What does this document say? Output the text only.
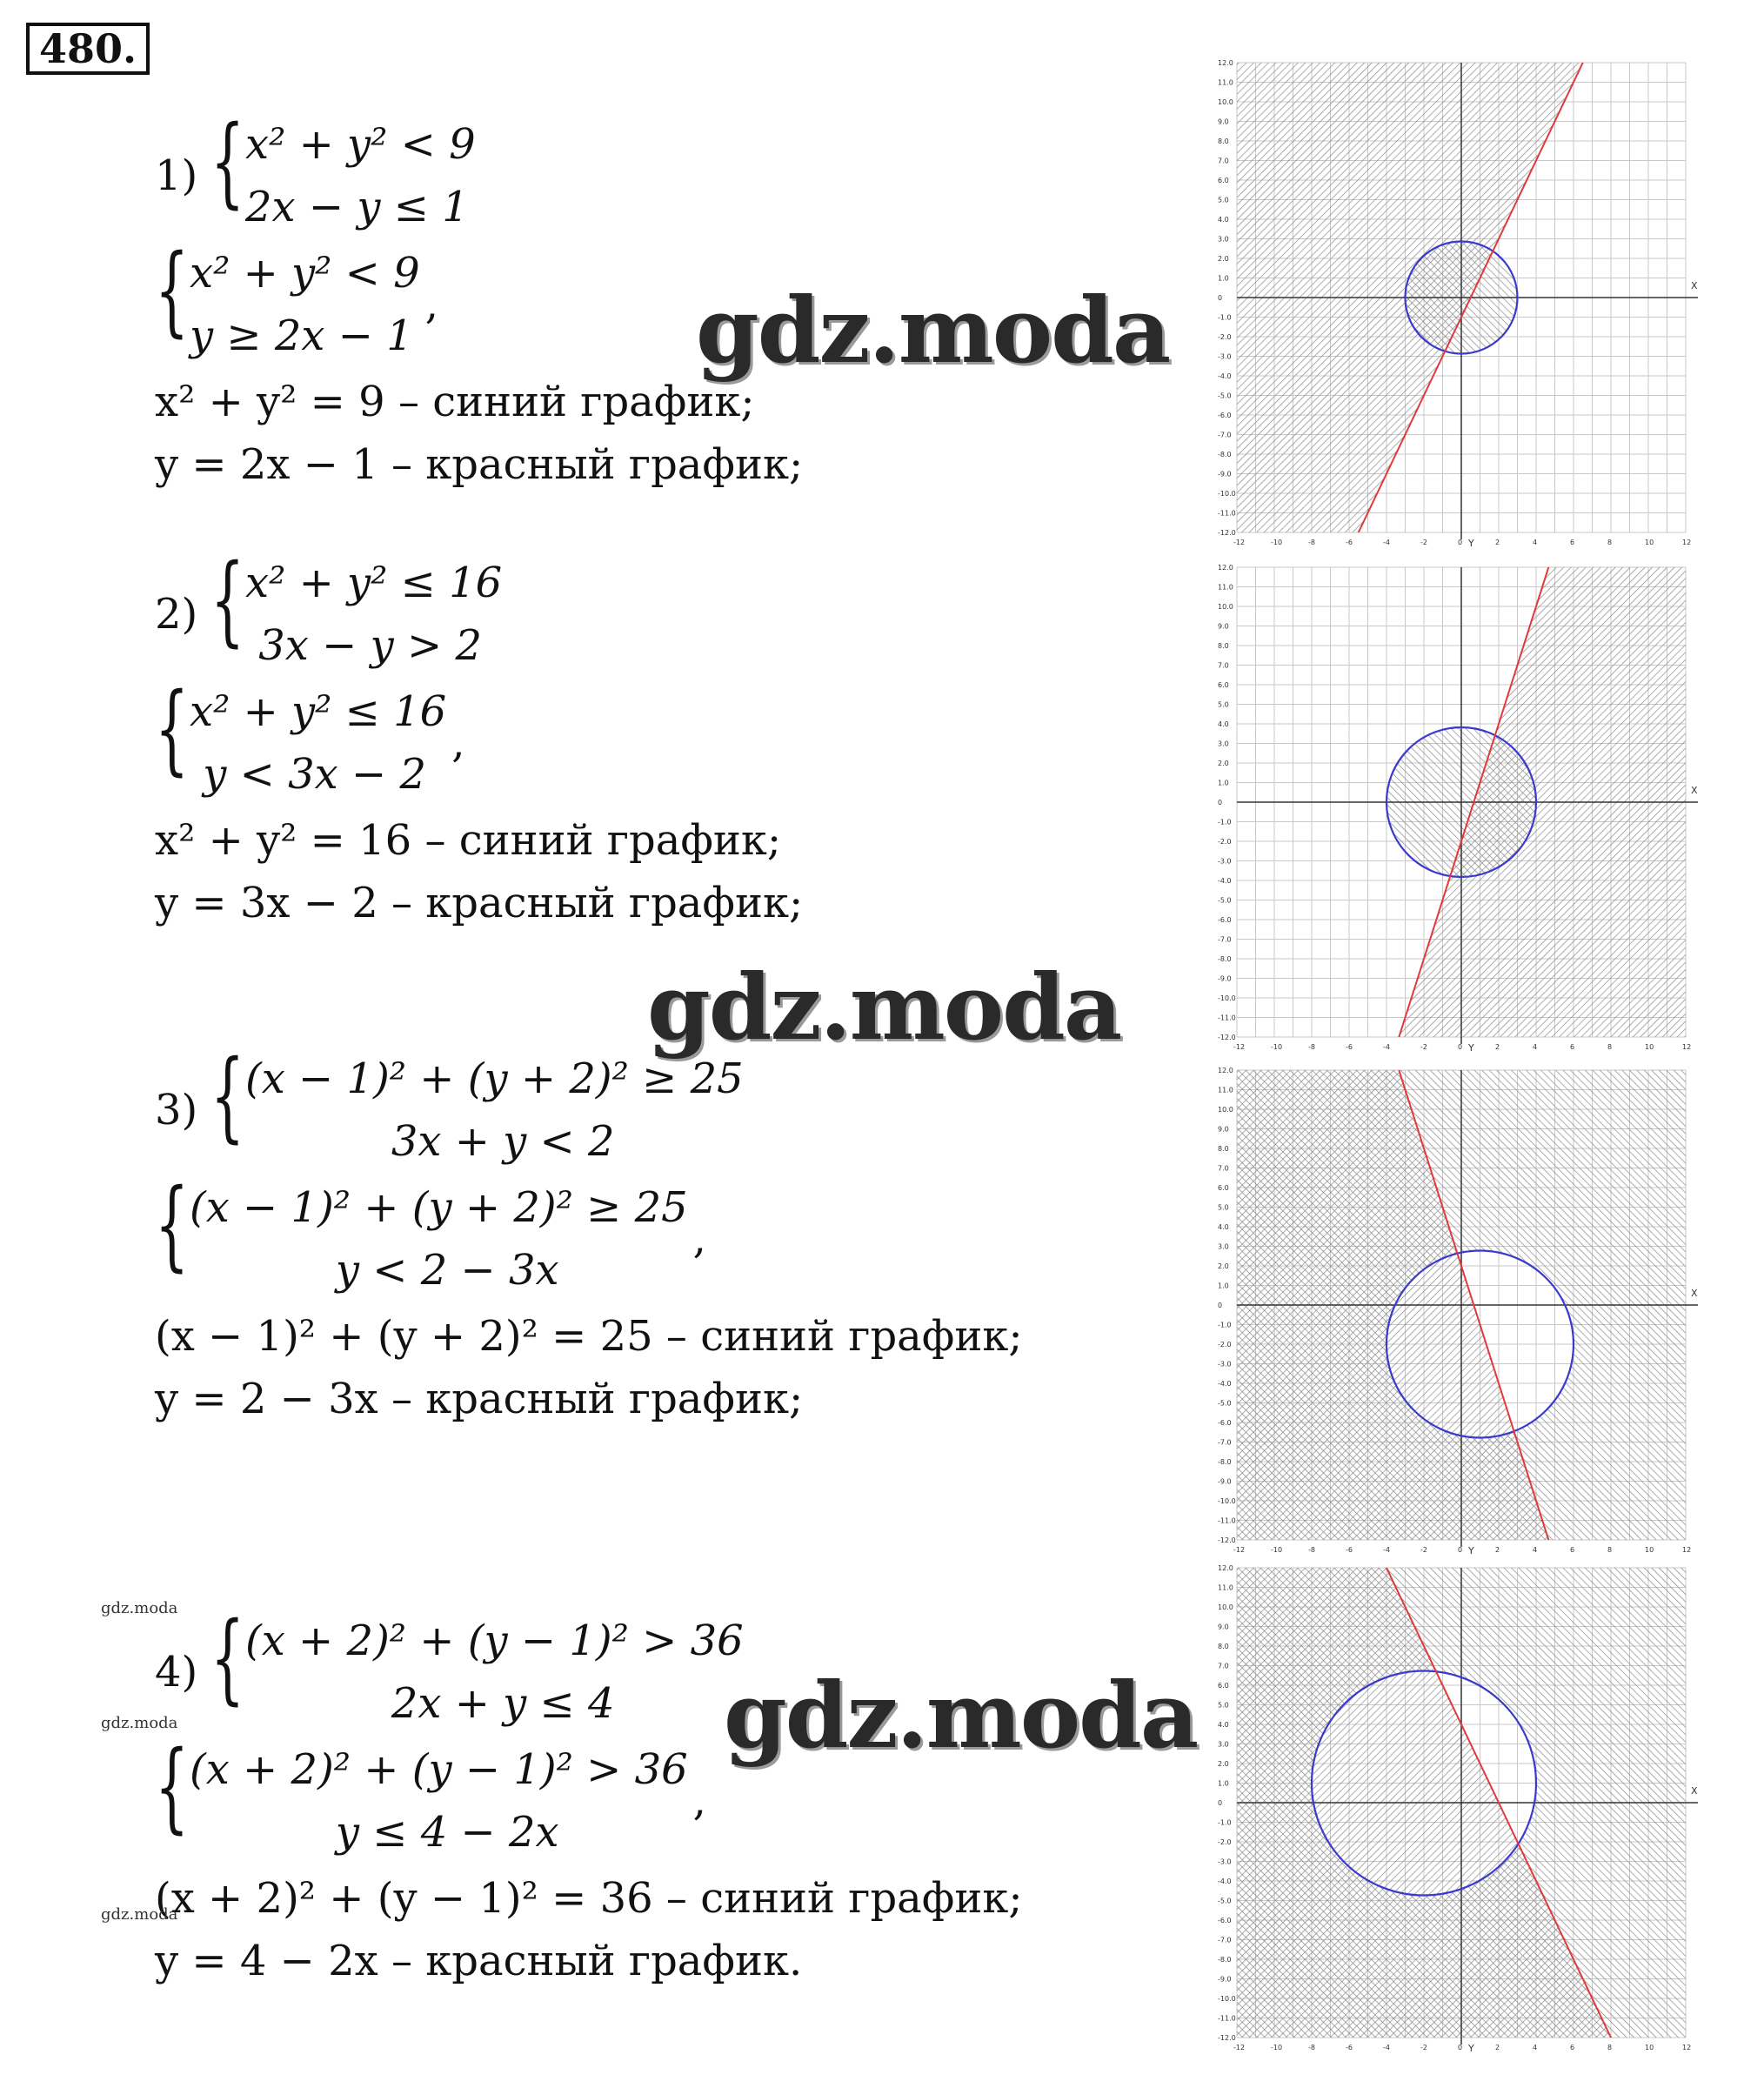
480.
1) { x² + y² < 9
2x − y ≤ 1
{ x² + y² < 9
y ≥ 2x − 1
,
x² + y² = 9 – синий график;
y = 2x − 1 – красный график;
2) { x² + y² ≤ 16
3x − y > 2
{ x² + y² ≤ 16
y < 3x − 2
,
x² + y² = 16 – синий график;
y = 3x − 2 – красный график;
3) { (x − 1)² + (y + 2)² ≥ 25
3x + y < 2
{ (x − 1)² + (y + 2)² ≥ 25
y < 2 − 3x
,
(x − 1)² + (y + 2)² = 25 – синий график;
y = 2 − 3x – красный график;
4) { (x + 2)² + (y − 1)² > 36
2x + y ≤ 4
{ (x + 2)² + (y − 1)² > 36
y ≤ 4 − 2x
,
(x + 2)² + (y − 1)² = 36 – синий график;
y = 4 − 2x – красный график.
X
Y
12.0
11.0
10.0
9.0
8.0
7.0
6.0
5.0
4.0
3.0
2.0
1.0
0
-1.0
-2.0
-3.0
-4.0
-5.0
-6.0
-7.0
-8.0
-9.0
-10.0
-11.0
-12.0
-12	-10	-8	-6	-4	-2	0	2	4	6	8	10	12
X
Y
12.0
11.0
10.0
9.0
8.0
7.0
6.0
5.0
4.0
3.0
2.0
1.0
0
-1.0
-2.0
-3.0
-4.0
-5.0
-6.0
-7.0
-8.0
-9.0
-10.0
-11.0
-12.0
-12	-10	-8	-6	-4	-2	0	2	4	6	8	10	12
X
Y
12.0
11.0
10.0
9.0
8.0
7.0
6.0
5.0
4.0
3.0
2.0
1.0
0
-1.0
-2.0
-3.0
-4.0
-5.0
-6.0
-7.0
-8.0
-9.0
-10.0
-11.0
-12.0
-12	-10	-8	-6	-4	-2	0	2	4	6	8	10	12
X
Y
12.0
11.0
10.0
9.0
8.0
7.0
6.0
5.0
4.0
3.0
2.0
1.0
0
-1.0
-2.0
-3.0
-4.0
-5.0
-6.0
-7.0
-8.0
-9.0
-10.0
-11.0
-12.0
-12	-10	-8	-6	-4	-2	0	2	4	6	8	10	12
gdz.moda
gdz.moda
gdz.moda
gdz.moda
gdz.moda
gdz.moda
